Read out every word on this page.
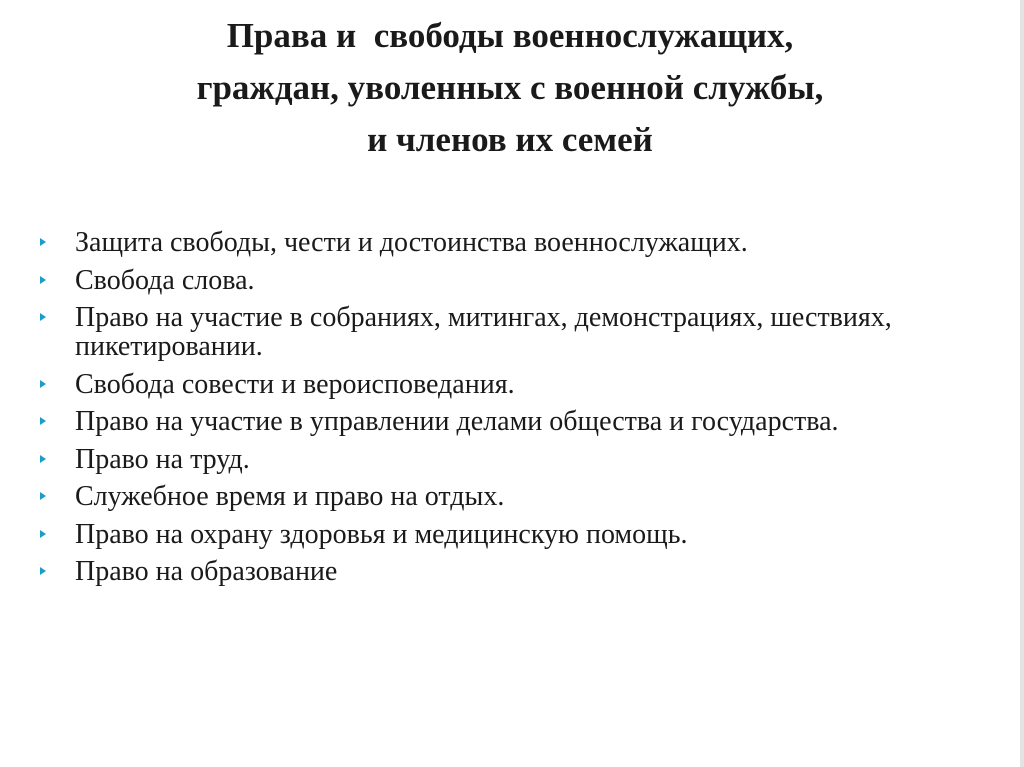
Права и  свободы военнослужащих,
граждан, уволенных с военной службы,
и членов их семей
Защита свободы, чести и достоинства военнослужащих.
Свобода слова.
Право на участие в собраниях, митингах, демонстрациях, шествиях, пикетировании.
Свобода совести и вероисповедания.
Право на участие в управлении делами общества и государства.
Право на труд.
Служебное время и право на отдых.
Право на охрану здоровья и медицинскую помощь.
Право на образование
